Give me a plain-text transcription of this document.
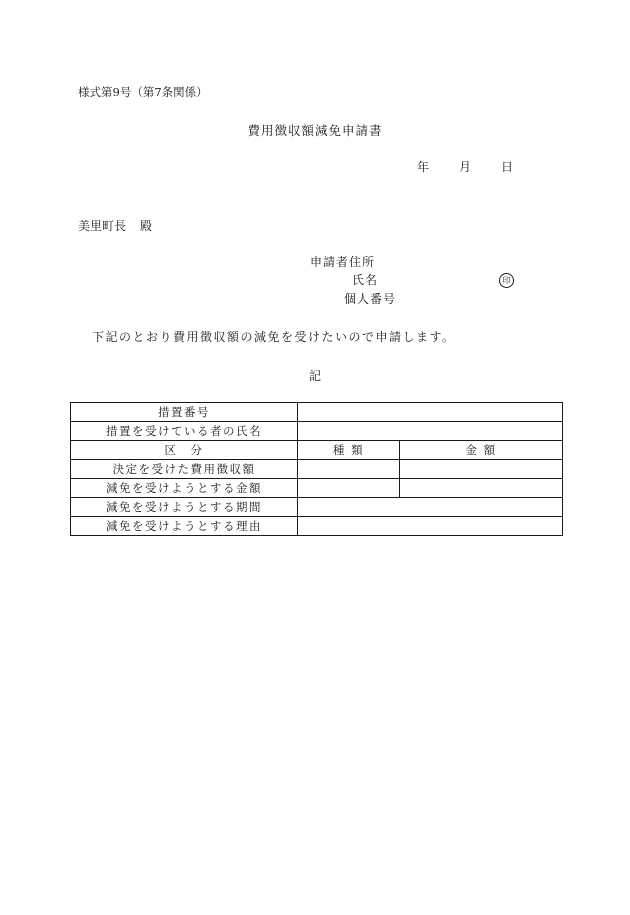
様式第9号（第7条関係）
費用徴収額減免申請書
年 月 日
美里町長 殿
申請者住所
氏名	印
個人番号
下記のとおり費用徴収額の減免を受けたいので申請します。
記
措置番号		
措置を受けている者の氏名		
区　分	種 類	金 額
決定を受けた費用徴収額		
減免を受けようとする金額		
減免を受けようとする期間		
減免を受けようとする理由		
